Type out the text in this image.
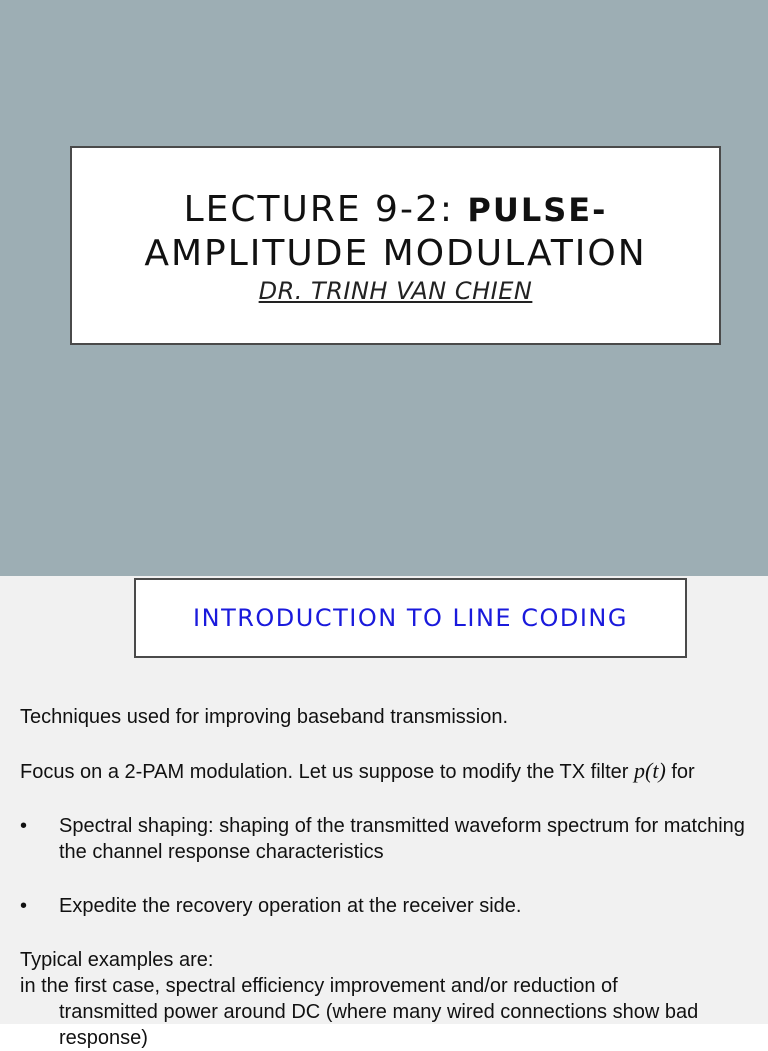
LECTURE 9-2: PULSE-
AMPLITUDE MODULATION
DR. TRINH VAN CHIEN
INTRODUCTION TO LINE CODING

Techniques used for improving baseband transmission.

Focus on a 2-PAM modulation. Let us suppose to modify the TX filter p(t) for

• Spectral shaping: shaping of the transmitted waveform spectrum for matching the channel response characteristics
• Expedite the recovery operation at the receiver side.

Typical examples are:

in the first case, spectral efficiency improvement and/or reduction of

transmitted power around DC (where many wired connections show bad

response)
